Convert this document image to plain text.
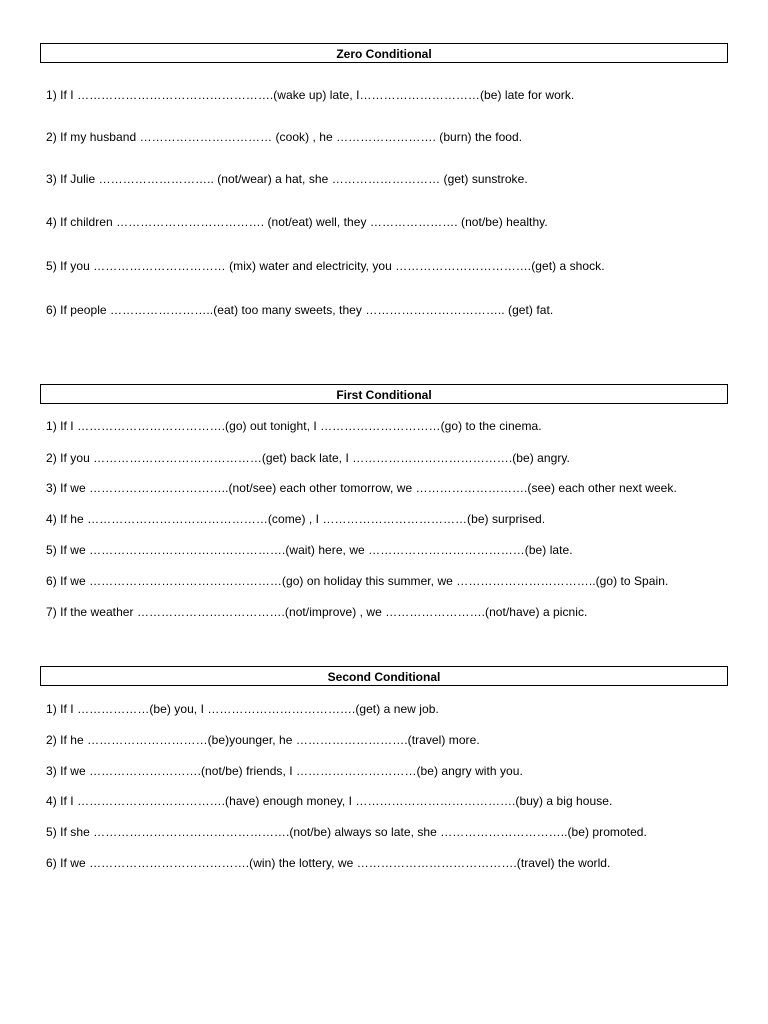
Zero Conditional
1) If I ………………………………………….(wake up) late, I…………………………(be) late for work.
2) If my husband …………………………… (cook) , he ……………………. (burn) the food.
3) If Julie ……………………….. (not/wear) a hat, she ……………………… (get) sunstroke.
4) If children ………………………………. (not/eat) well, they …………………. (not/be) healthy.
5) If you …………………………… (mix) water and electricity, you …………………………….(get) a shock.
6) If people ……………………..(eat) too many sweets, they …………………………….. (get) fat.
First Conditional
1) If I ……………………………….(go) out tonight, I …………………………(go) to the cinema.
2) If you ……………………………………(get) back late, I ………………………………….(be) angry.
3) If we ……………………………..(not/see) each other tomorrow, we ……………………….(see) each other next week.
4) If he ………………………………………(come) , I ………………………………(be) surprised.
5) If we ………………………………………….(wait) here, we …………………………………(be) late.
6) If we …………………………………………(go) on holiday this summer, we ……………………………..(go) to Spain.
7) If the weather ……………………………….(not/improve) , we …………………….(not/have) a picnic.
Second Conditional
1) If I ………………(be) you, I ……………………………….(get) a new job.
2) If he …………………………(be)younger, he ……………………….(travel) more.
3) If we ……………………….(not/be) friends, I …………………………(be) angry with you.
4) If I ……………………………….(have) enough money, I ………………………………….(buy) a big house.
5) If she ………………………………………….(not/be) always so late, she …………………………..(be) promoted.
6) If we ………………………………….(win) the lottery, we ………………………………….(travel) the world.
